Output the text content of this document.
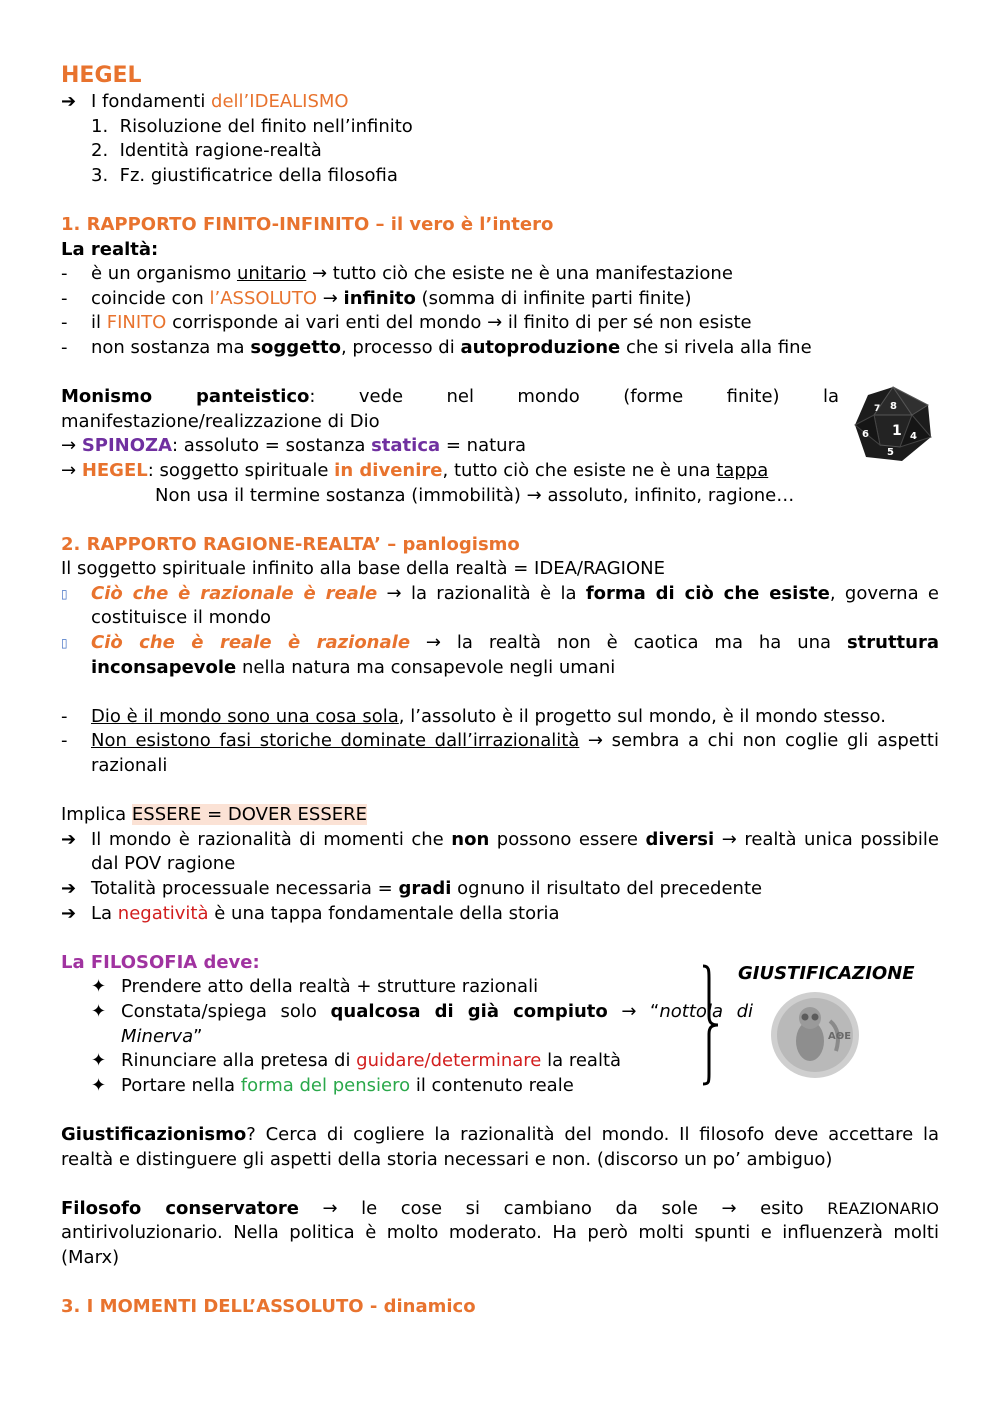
HEGEL
➔ I fondamenti dell’IDEALISMO
1.  Risoluzione del finito nell’infinito
2.  Identità ragione-realtà
3.  Fz. giustificatrice della filosofia
1. RAPPORTO FINITO-INFINITO – il vero è l’intero
La realtà:
-	è un organismo unitario → tutto ciò che esiste ne è una manifestazione
-	coincide con l’ASSOLUTO → infinito (somma di infinite parti finite)
-	il FINITO corrisponde ai vari enti del mondo → il finito di per sé non esiste
-	non sostanza ma soggetto, processo di autoproduzione che si rivela alla fine
Monismo panteistico: vede nel mondo (forme finite) la
manifestazione/realizzazione di Dio
→ SPINOZA: assoluto = sostanza statica = natura
→ HEGEL: soggetto spirituale in divenire, tutto ciò che esiste ne è una tappa
Non usa il termine sostanza (immobilità) → assoluto, infinito, ragione…
2. RAPPORTO RAGIONE-REALTA’ – panlogismo
Il soggetto spirituale infinito alla base della realtà = IDEA/RAGIONE
▯	Ciò che è razionale è reale → la razionalità è la forma di ciò che esiste, governa e
costituisce il mondo
▯	Ciò che è reale è razionale → la realtà non è caotica ma ha una struttura
inconsapevole nella natura ma consapevole negli umani
-	Dio è il mondo sono una cosa sola, l’assoluto è il progetto sul mondo, è il mondo stesso.
-	Non esistono fasi storiche dominate dall’irrazionalità → sembra a chi non coglie gli aspetti
razionali
Implica ESSERE = DOVER ESSERE
➔ Il mondo è razionalità di momenti che non possono essere diversi → realtà unica possibile
dal POV ragione
➔ Totalità processuale necessaria = gradi ognuno il risultato del precedente
➔ La negatività è una tappa fondamentale della storia
La FILOSOFIA deve:
✦ Prendere atto della realtà + strutture razionali
✦ Constata/spiega solo qualcosa di già compiuto → “nottola di
Minerva”
✦ Rinunciare alla pretesa di guidare/determinare la realtà
✦ Portare nella forma del pensiero il contenuto reale
Giustificazionismo? Cerca di cogliere la razionalità del mondo. Il filosofo deve accettare la
realtà e distinguere gli aspetti della storia necessari e non. (discorso un po’ ambiguo)
Filosofo conservatore → le cose si cambiano da sole → esito REAZIONARIO
antirivoluzionario. Nella politica è molto moderato. Ha però molti spunti e influenzerà molti
(Marx)
3. I MOMENTI DELL’ASSOLUTO - dinamico
8
1
7
6	4
5
GIUSTIFICAZIONE
ΑΘΕ
